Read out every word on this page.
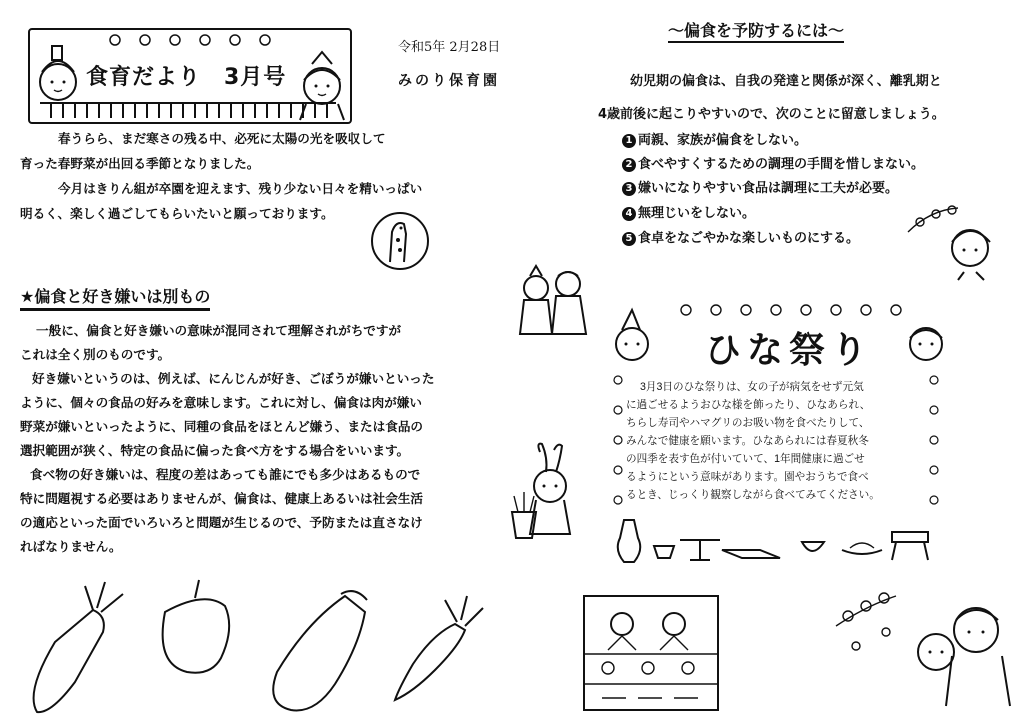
食育だより　3月号
令和5年 2月28日
みのり保育園
春うらら、まだ寒さの残る中、必死に太陽の光を吸収して
育った春野菜が出回る季節となりました。
今月はきりん組が卒園を迎えます、残り少ない日々を精いっぱい
明るく、楽しく過ごしてもらいたいと願っております。
★偏食と好き嫌いは別もの
一般に、偏食と好き嫌いの意味が混同されて理解されがちですが
これは全く別のものです。
好き嫌いというのは、例えば、にんじんが好き、ごぼうが嫌いといった
ように、個々の食品の好みを意味します。これに対し、偏食は肉が嫌い
野菜が嫌いといったように、同種の食品をほとんど嫌う、または食品の
選択範囲が狭く、特定の食品に偏った食べ方をする場合をいいます。
食べ物の好き嫌いは、程度の差はあっても誰にでも多少はあるもので
特に問題視する必要はありませんが、偏食は、健康上あるいは社会生活
の適応といった面でいろいろと問題が生じるので、予防または直さなけ
ればなりません。
～偏食を予防するには～
幼児期の偏食は、自我の発達と関係が深く、離乳期と
4歳前後に起こりやすいので、次のことに留意しましょう。
1 両親、家族が偏食をしない。
2 食べやすくするための調理の手間を惜しまない。
3 嫌いになりやすい食品は調理に工夫が必要。
4 無理じいをしない。
5 食卓をなごやかな楽しいものにする。
ひな祭り
3月3日のひな祭りは、女の子が病気をせず元気
に過ごせるようおひな様を飾ったり、ひなあられ、
ちらし寿司やハマグリのお吸い物を食べたりして、
みんなで健康を願います。ひなあられには春夏秋冬
の四季を表す色が付いていて、1年間健康に過ごせ
るようにという意味があります。園やおうちで食べ
るとき、じっくり観察しながら食べてみてください。
